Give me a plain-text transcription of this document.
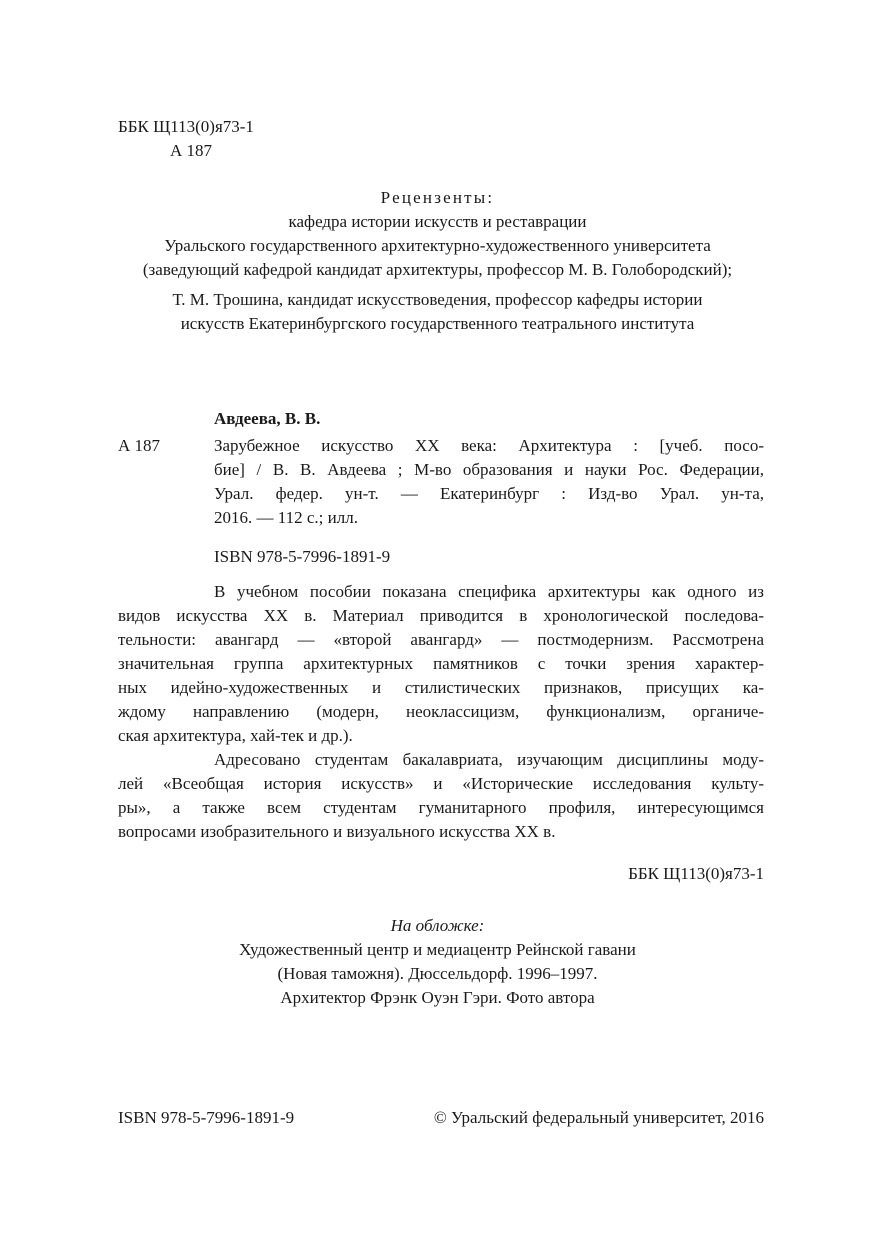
ББК Щ113(0)я73-1
А 187
Рецензенты:
кафедра истории искусств и реставрации
Уральского государственного архитектурно-художественного университета
(заведующий кафедрой кандидат архитектуры, профессор М. В. Голобородский);
Т. М. Трошина, кандидат искусствоведения, профессор кафедры истории
искусств Екатеринбургского государственного театрального института
Авдеева, В. В.
А 187	Зарубежное искусство XX века: Архитектура : [учеб. посо-
бие] / В. В. Авдеева ; М-во образования и науки Рос. Федерации,
Урал. федер. ун-т. — Екатеринбург : Изд-во Урал. ун-та,
2016. — 112 с.; илл.
ISBN 978-5-7996-1891-9
В учебном пособии показана специфика архитектуры как одного из
видов искусства XX в. Материал приводится в хронологической последова-
тельности: авангард — «второй авангард» — постмодернизм. Рассмотрена
значительная группа архитектурных памятников с точки зрения характер-
ных идейно-художественных и стилистических признаков, присущих ка-
ждому направлению (модерн, неоклассицизм, функционализм, органиче-
ская архитектура, хай-тек и др.).
Адресовано студентам бакалавриата, изучающим дисциплины моду-
лей «Всеобщая история искусств» и «Исторические исследования культу-
ры», а также всем студентам гуманитарного профиля, интересующимся
вопросами изобразительного и визуального искусства XX в.
ББК Щ113(0)я73-1
На обложке:
Художественный центр и медиацентр Рейнской гавани
(Новая таможня). Дюссельдорф. 1996–1997.
Архитектор Фрэнк Оуэн Гэри. Фото автора
ISBN 978-5-7996-1891-9	© Уральский федеральный университет, 2016
